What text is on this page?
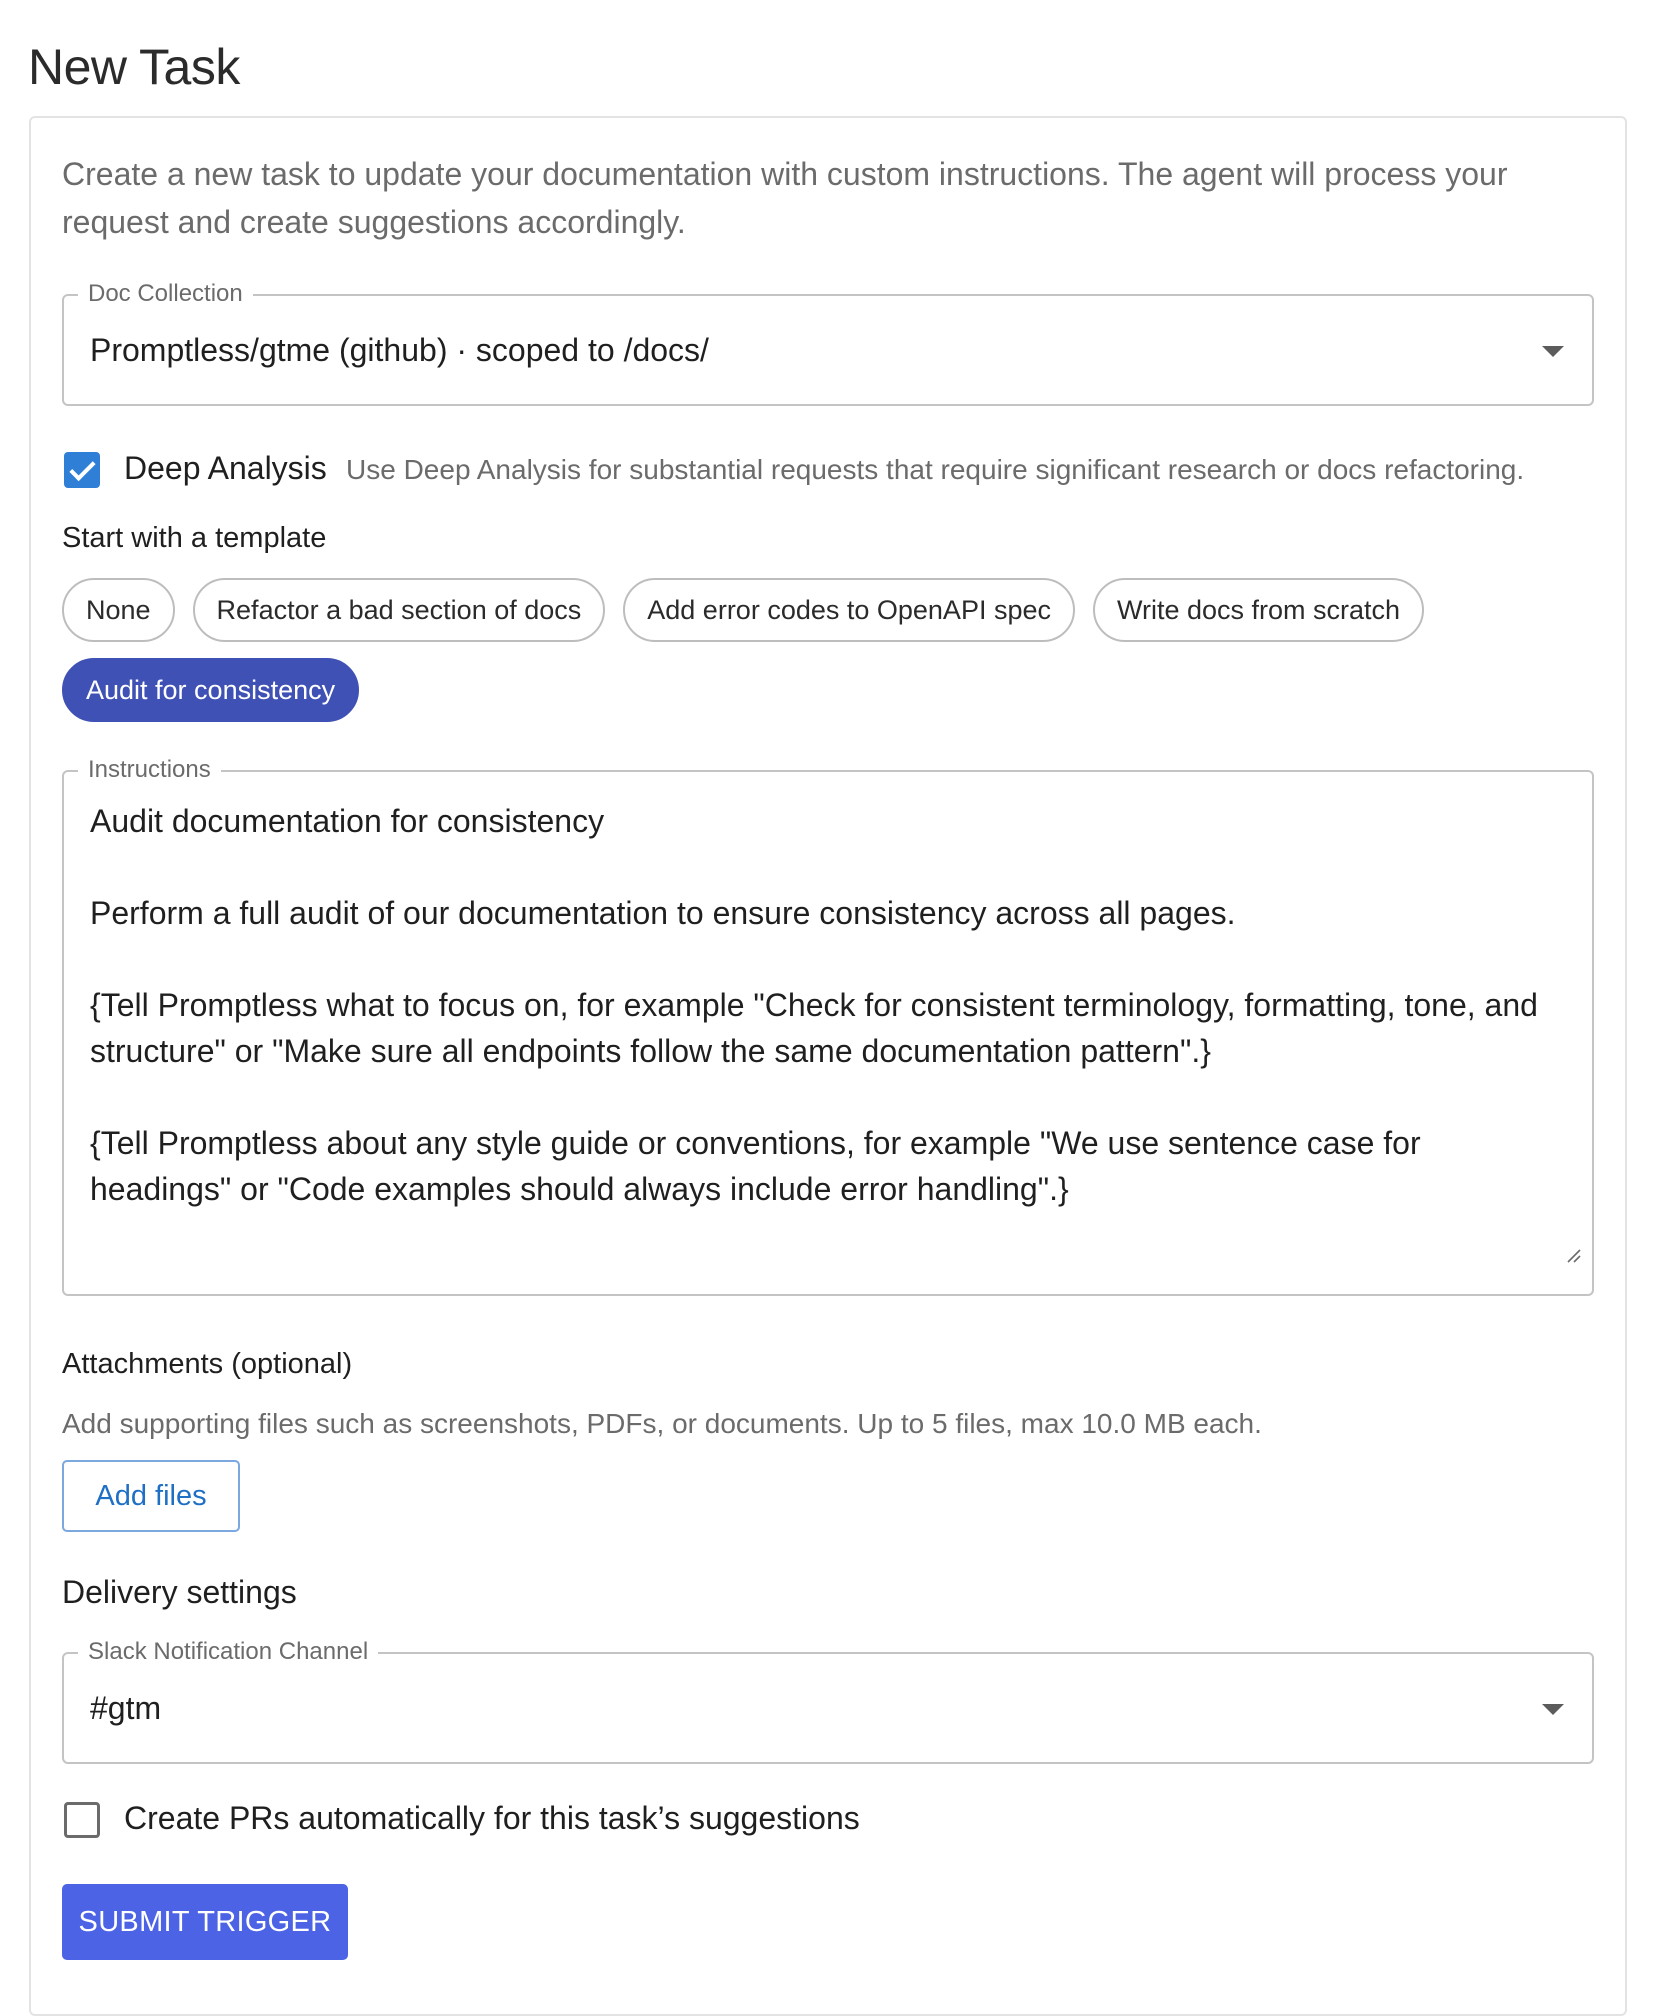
New Task
Create a new task to update your documentation with custom instructions. The agent will process your request and create suggestions accordingly.
Doc Collection
Promptless/gtme (github) · scoped to /docs/
Deep Analysis Use Deep Analysis for substantial requests that require significant research or docs refactoring.
Start with a template
None	Refactor a bad section of docs	Add error codes to OpenAPI spec	Write docs from scratch
Audit for consistency
Instructions

Audit documentation for consistency

Perform a full audit of our documentation to ensure consistency across all pages.

{Tell Promptless what to focus on, for example "Check for consistent terminology, formatting, tone, and structure" or "Make sure all endpoints follow the same documentation pattern".}

{Tell Promptless about any style guide or conventions, for example "We use sentence case for headings" or "Code examples should always include error handling".}

Attachments (optional)
Add supporting files such as screenshots, PDFs, or documents. Up to 5 files, max 10.0 MB each.
Add files
Delivery settings
Slack Notification Channel
#gtm
Create PRs automatically for this task’s suggestions
SUBMIT TRIGGER
